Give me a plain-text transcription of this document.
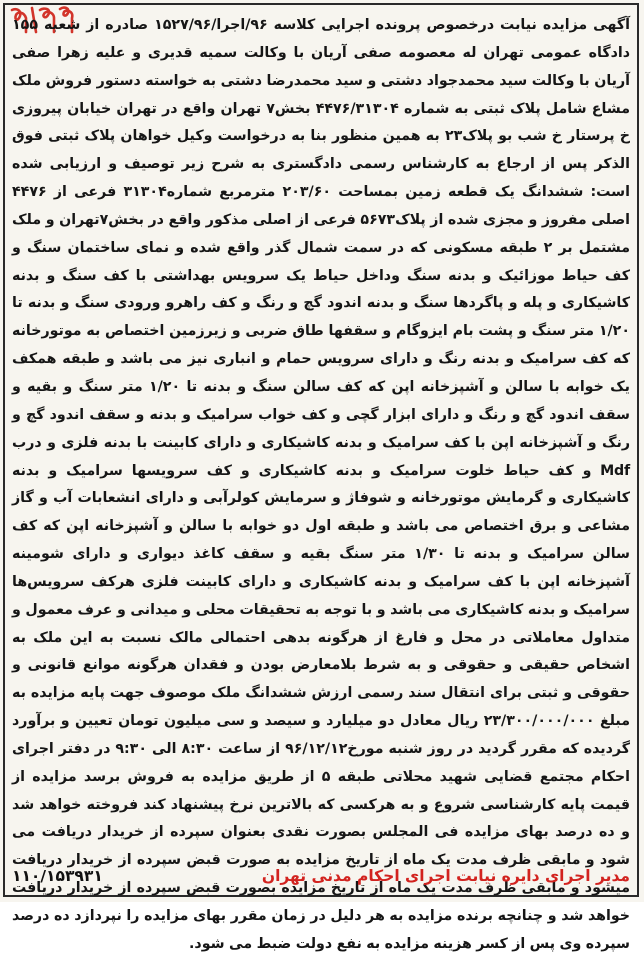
آگهی مزایده نیابت درخصوص پرونده اجرایی کلاسه ۹۶/اجرا/۱۵۲۷/۹۶ صادره از شعبه ۱۵۵ دادگاه عمومی تهران له معصومه صفی آریان با وکالت سمیه قدیری و علیه زهرا صفی آریان با وکالت سید محمدجواد دشتی و سید محمدرضا دشتی به خواسته دستور فروش ملک مشاع شامل پلاک ثبتی به شماره ۴۴۷۶/۳۱۳۰۴ بخش۷ تهران واقع در تهران خیابان پیروزی خ پرستار خ شب بو پلاک۲۳ به همین منظور بنا به درخواست وکیل خواهان پلاک ثبتی فوق الذکر پس از ارجاع به کارشناس رسمی دادگستری به شرح زیر توصیف و ارزیابی شده است: ششدانگ یک قطعه زمین بمساحت ۲۰۳/۶۰ مترمربع شماره۳۱۳۰۴ فرعی از ۴۴۷۶ اصلی مفروز و مجزی شده از پلاک۵۶۷۳ فرعی از اصلی مذکور واقع در بخش۷تهران و ملک مشتمل بر ۲ طبقه مسکونی که در سمت شمال گذر واقع شده و نمای ساختمان سنگ و کف حیاط موزائیک و بدنه سنگ وداخل حیاط یک سرویس بهداشتی با کف سنگ و بدنه کاشیکاری و پله و پاگردها سنگ و بدنه اندود گچ و رنگ و کف راهرو ورودی سنگ و بدنه تا ۱/۲۰ متر سنگ و پشت بام ایزوگام و سقفها طاق ضربی و زیرزمین اختصاص به موتورخانه که کف سرامیک و بدنه رنگ و دارای سرویس حمام و انباری نیز می باشد و طبقه همکف یک خوابه با سالن و آشپزخانه اپن که کف سالن سنگ و بدنه تا ۱/۲۰ متر سنگ و بقیه و سقف اندود گچ و رنگ و دارای ابزار گچی و کف خواب سرامیک و بدنه و سقف اندود گچ و رنگ و آشپزخانه اپن با کف سرامیک و بدنه کاشیکاری و دارای کابینت با بدنه فلزی و درب Mdf و کف حیاط خلوت سرامیک و بدنه کاشیکاری و کف سرویسها سرامیک و بدنه کاشیکاری و گرمایش موتورخانه و شوفاژ و سرمایش کولرآبی و دارای انشعابات آب و گاز مشاعی و برق اختصاص می باشد و طبقه اول دو خوابه با سالن و آشپزخانه اپن که کف سالن سرامیک و بدنه تا ۱/۳۰ متر سنگ بقیه و سقف کاغذ دیواری و دارای شومینه آشپزخانه اپن با کف سرامیک و بدنه کاشیکاری و دارای کابینت فلزی هرکف سرویس‌ها سرامیک و بدنه کاشیکاری می باشد و با توجه به تحقیقات محلی و میدانی و عرف معمول و متداول معاملاتی در محل و فارغ از هرگونه بدهی احتمالی مالک نسبت به این ملک به اشخاص حقیقی و حقوقی و به شرط بلامعارض بودن و فقدان هرگونه موانع قانونی و حقوقی و ثبتی برای انتقال سند رسمی ارزش ششدانگ ملک موصوف جهت پایه مزایده به مبلغ ۲۳/۳۰۰/۰۰۰/۰۰۰ ریال معادل دو میلیارد و سیصد و سی میلیون تومان تعیین و برآورد گردیده که مقرر گردید در روز شنبه مورخ۹۶/۱۲/۱۲ از ساعت ۸:۳۰ الی ۹:۳۰ در دفتر اجرای احکام مجتمع قضایی شهید محلاتی طبقه ۵ از طریق مزایده به فروش برسد مزایده از قیمت پایه کارشناسی شروع و به هرکسی که بالاترین نرخ پیشنهاد کند فروخته خواهد شد و ده درصد بهای مزایده فی المجلس بصورت نقدی بعنوان سپرده از خریدار دریافت می شود و مابقی ظرف مدت یک ماه از تاریخ مزایده به صورت قبض سپرده از خریدار دریافت میشود و مابقی ظرف مدت یک ماه از تاریخ مزایده بصورت قبض سپرده از خریدار دریافت خواهد شد و چنانچه برنده مزایده به هر دلیل در زمان مقرر بهای مزایده را نپردازد ده درصد سپرده وی پس از کسر هزینه مزایده به نفع دولت ضبط می شود.

مدیر اجرای دایره نیابت اجرای احکام مدنی تهران
۱۱۰/۱۵۳۹۳۱
